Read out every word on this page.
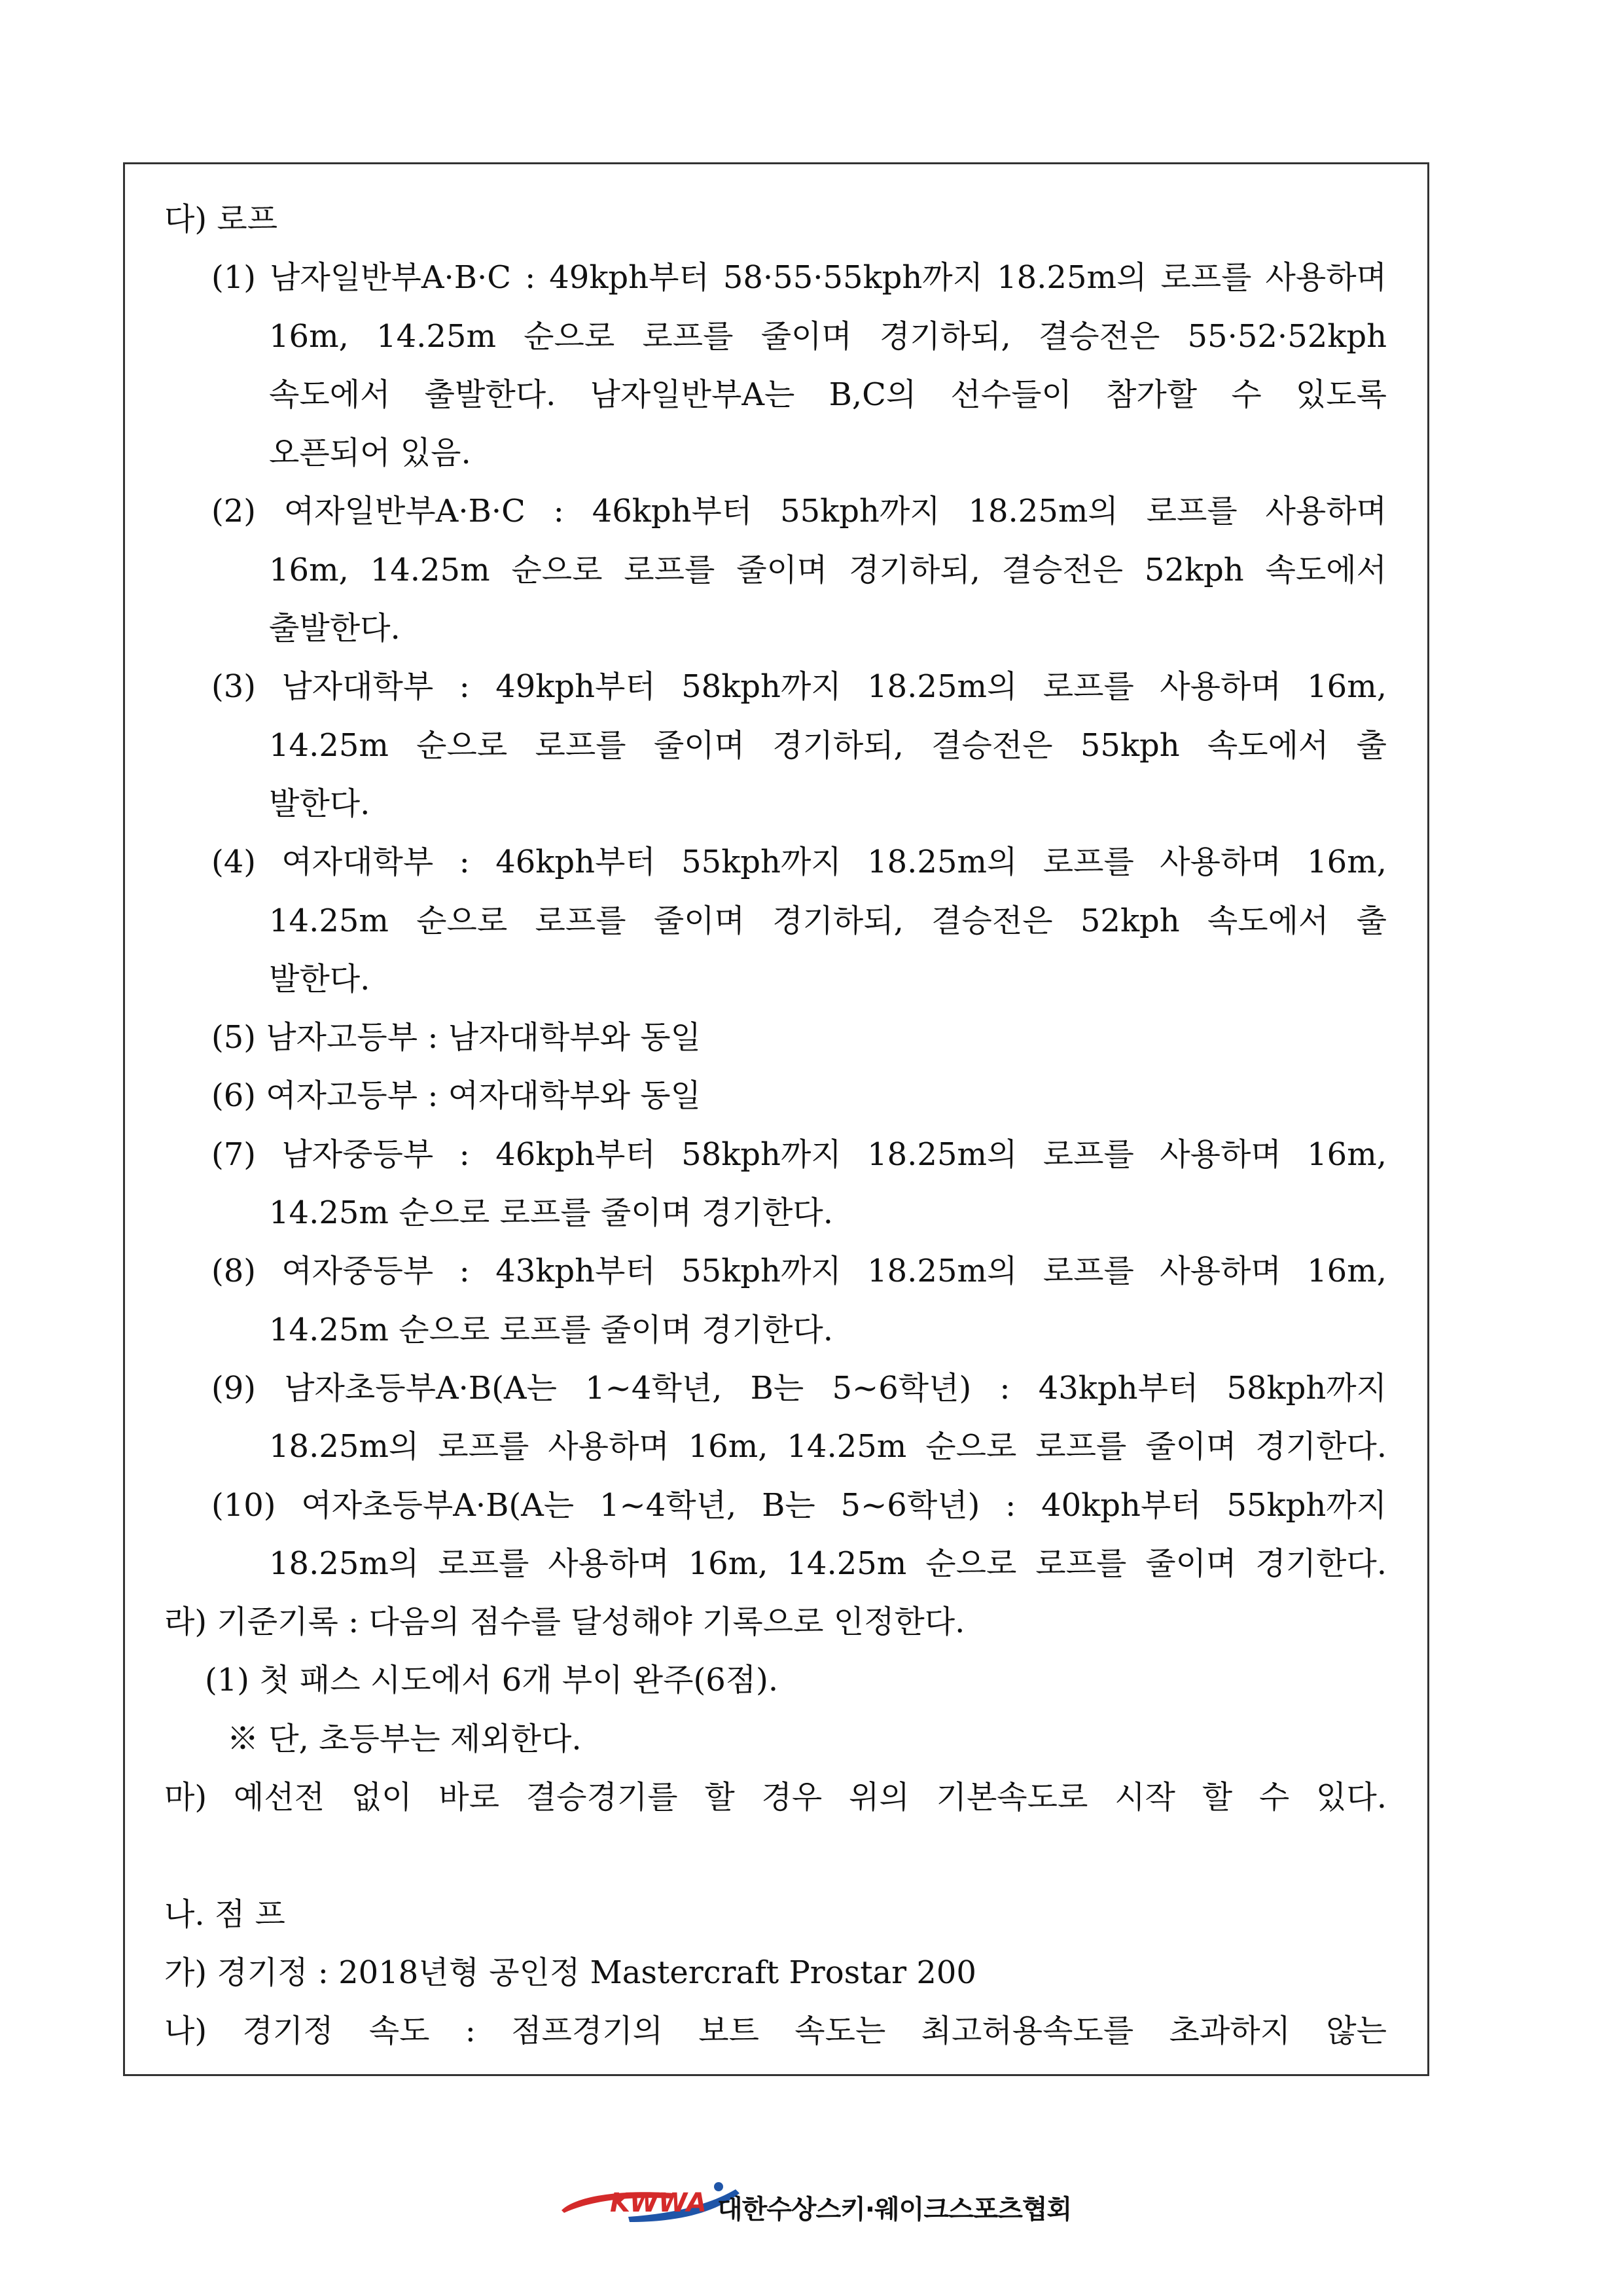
다) 로프
(1) 남자일반부A·B·C : 49kph부터 58·55·55kph까지 18.25m의 로프를 사용하며
16m, 14.25m 순으로 로프를 줄이며 경기하되, 결승전은 55·52·52kph
속도에서 출발한다. 남자일반부A는 B,C의 선수들이 참가할 수 있도록
오픈되어 있음.
(2) 여자일반부A·B·C : 46kph부터 55kph까지 18.25m의 로프를 사용하며
16m, 14.25m 순으로 로프를 줄이며 경기하되, 결승전은 52kph 속도에서
출발한다.
(3) 남자대학부 : 49kph부터 58kph까지 18.25m의 로프를 사용하며 16m,
14.25m 순으로 로프를 줄이며 경기하되, 결승전은 55kph 속도에서 출
발한다.
(4) 여자대학부 : 46kph부터 55kph까지 18.25m의 로프를 사용하며 16m,
14.25m 순으로 로프를 줄이며 경기하되, 결승전은 52kph 속도에서 출
발한다.
(5) 남자고등부 : 남자대학부와 동일
(6) 여자고등부 : 여자대학부와 동일
(7) 남자중등부 : 46kph부터 58kph까지 18.25m의 로프를 사용하며 16m,
14.25m 순으로 로프를 줄이며 경기한다.
(8) 여자중등부 : 43kph부터 55kph까지 18.25m의 로프를 사용하며 16m,
14.25m 순으로 로프를 줄이며 경기한다.
(9) 남자초등부A·B(A는 1~4학년, B는 5~6학년) : 43kph부터 58kph까지
18.25m의 로프를 사용하며 16m, 14.25m 순으로 로프를 줄이며 경기한다.
(10) 여자초등부A·B(A는 1~4학년, B는 5~6학년) : 40kph부터 55kph까지
18.25m의 로프를 사용하며 16m, 14.25m 순으로 로프를 줄이며 경기한다.
라) 기준기록 : 다음의 점수를 달성해야 기록으로 인정한다.
(1) 첫 패스 시도에서 6개 부이 완주(6점).
※ 단, 초등부는 제외한다.
마) 예선전 없이 바로 결승경기를 할 경우 위의 기본속도로 시작 할 수 있다.
나. 점 프
가) 경기정 : 2018년형 공인정 Mastercraft Prostar 200
나) 경기정 속도 : 점프경기의 보트 속도는 최고허용속도를 초과하지 않는
KWWA 대한수상스키·웨이크스포츠협회
